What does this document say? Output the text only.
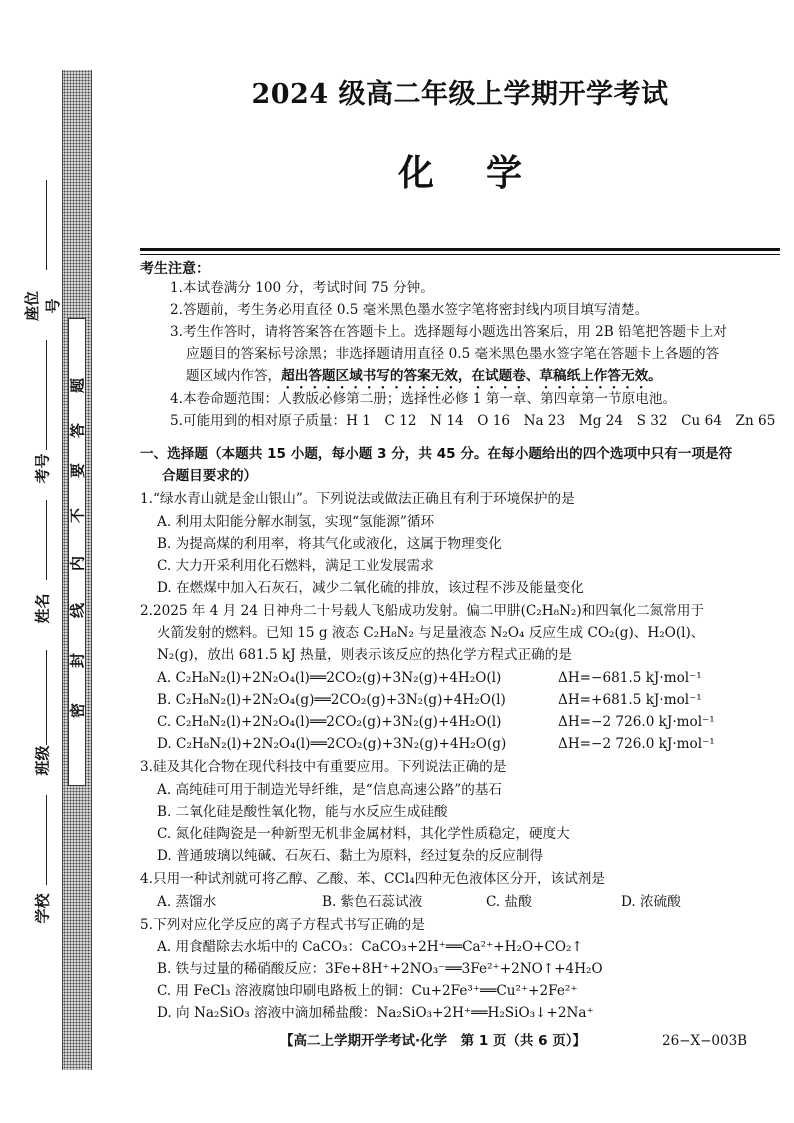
密
封
线
内
不
要
答
题
座位号
考号
姓名
班级
学校
2024 级高二年级上学期开学考试
化学
考生注意：
1.本试卷满分 100 分，考试时间 75 分钟。
2.答题前，考生务必用直径 0.5 毫米黑色墨水签字笔将密封线内项目填写清楚。
3.考生作答时，请将答案答在答题卡上。选择题每小题选出答案后，用 2B 铅笔把答题卡上对
应题目的答案标号涂黑；非选择题请用直径 0.5 毫米黑色墨水签字笔在答题卡上各题的答
题区域内作答，超出答题区域书写的答案无效，在试题卷、草稿纸上作答无效。
4.本卷命题范围：人教版必修第二册；选择性必修 1 第一章、第四章第一节原电池。
5.可能用到的相对原子质量：H 1　C 12　N 14　O 16　Na 23　Mg 24　S 32　Cu 64　Zn 65
一、选择题（本题共 15 小题，每小题 3 分，共 45 分。在每小题给出的四个选项中只有一项是符
合题目要求的）
1.“绿水青山就是金山银山”。下列说法或做法正确且有利于环境保护的是
A. 利用太阳能分解水制氢，实现“氢能源”循环
B. 为提高煤的利用率，将其气化或液化，这属于物理变化
C. 大力开采利用化石燃料，满足工业发展需求
D. 在燃煤中加入石灰石，减少二氧化硫的排放，该过程不涉及能量变化
2.2025 年 4 月 24 日神舟二十号载人飞船成功发射。偏二甲肼(C₂H₈N₂)和四氧化二氮常用于
火箭发射的燃料。已知 15 g 液态 C₂H₈N₂ 与足量液态 N₂O₄ 反应生成 CO₂(g)、H₂O(l)、
N₂(g)，放出 681.5 kJ 热量，则表示该反应的热化学方程式正确的是
A. C₂H₈N₂(l)+2N₂O₄(l)══2CO₂(g)+3N₂(g)+4H₂O(l)	ΔH=−681.5 kJ·mol⁻¹
B. C₂H₈N₂(l)+2N₂O₄(g)══2CO₂(g)+3N₂(g)+4H₂O(l)	ΔH=+681.5 kJ·mol⁻¹
C. C₂H₈N₂(l)+2N₂O₄(l)══2CO₂(g)+3N₂(g)+4H₂O(l)	ΔH=−2 726.0 kJ·mol⁻¹
D. C₂H₈N₂(l)+2N₂O₄(l)══2CO₂(g)+3N₂(g)+4H₂O(g)	ΔH=−2 726.0 kJ·mol⁻¹
3.硅及其化合物在现代科技中有重要应用。下列说法正确的是
A. 高纯硅可用于制造光导纤维，是“信息高速公路”的基石
B. 二氧化硅是酸性氧化物，能与水反应生成硅酸
C. 氮化硅陶瓷是一种新型无机非金属材料，其化学性质稳定，硬度大
D. 普通玻璃以纯碱、石灰石、黏土为原料，经过复杂的反应制得
4.只用一种试剂就可将乙醇、乙酸、苯、CCl₄四种无色液体区分开，该试剂是
A. 蒸馏水	B. 紫色石蕊试液	C. 盐酸	D. 浓硫酸
5.下列对应化学反应的离子方程式书写正确的是
A. 用食醋除去水垢中的 CaCO₃：CaCO₃+2H⁺══Ca²⁺+H₂O+CO₂↑
B. 铁与过量的稀硝酸反应：3Fe+8H⁺+2NO₃⁻══3Fe²⁺+2NO↑+4H₂O
C. 用 FeCl₃ 溶液腐蚀印刷电路板上的铜：Cu+2Fe³⁺══Cu²⁺+2Fe²⁺
D. 向 Na₂SiO₃ 溶液中滴加稀盐酸：Na₂SiO₃+2H⁺══H₂SiO₃↓+2Na⁺
【高二上学期开学考试·化学　第 1 页（共 6 页）】	26−X−003B
